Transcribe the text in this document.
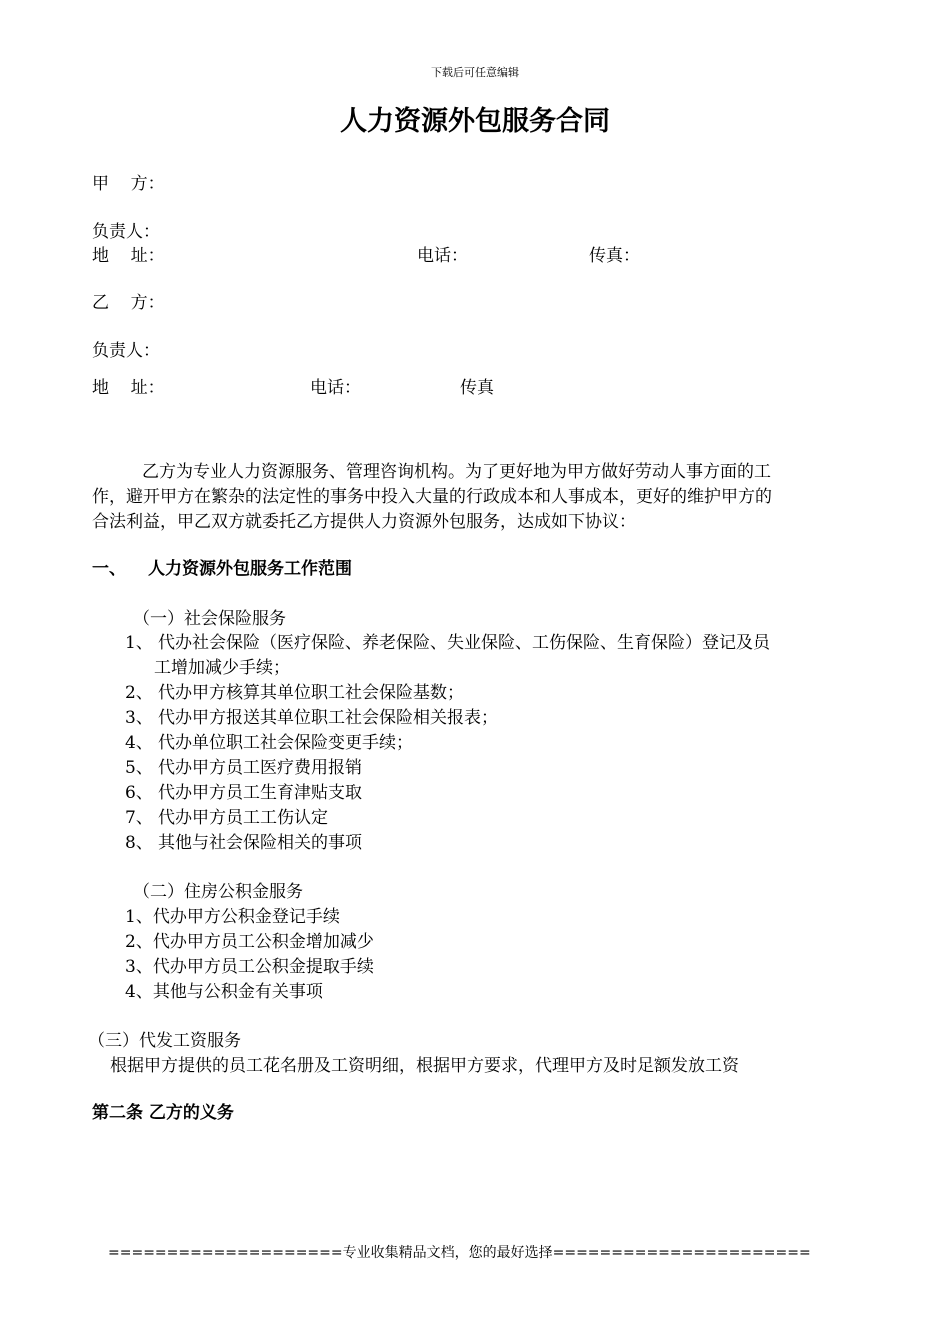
下载后可任意编辑
人力资源外包服务合同
甲    方：
负责人：
地    址：	电话：	传真：
乙    方：
负责人：
地    址：	电话：	传真
乙方为专业人力资源服务、管理咨询机构。为了更好地为甲方做好劳动人事方面的工
作，避开甲方在繁杂的法定性的事务中投入大量的行政成本和人事成本，更好的维护甲方的
合法利益，甲乙双方就委托乙方提供人力资源外包服务，达成如下协议：
一、 人力资源外包服务工作范围
（一）社会保险服务
1、 代办社会保险（医疗保险、养老保险、失业保险、工伤保险、生育保险）登记及员
工增加减少手续；
2、 代办甲方核算其单位职工社会保险基数；
3、 代办甲方报送其单位职工社会保险相关报表；
4、 代办单位职工社会保险变更手续；
5、 代办甲方员工医疗费用报销
6、 代办甲方员工生育津贴支取
7、 代办甲方员工工伤认定
8、 其他与社会保险相关的事项
（二）住房公积金服务
1、代办甲方公积金登记手续
2、代办甲方员工公积金增加减少
3、代办甲方员工公积金提取手续
4、其他与公积金有关事项
（三）代发工资服务
根据甲方提供的员工花名册及工资明细，根据甲方要求，代理甲方及时足额发放工资
第二条 乙方的义务
====================专业收集精品文档，您的最好选择======================
